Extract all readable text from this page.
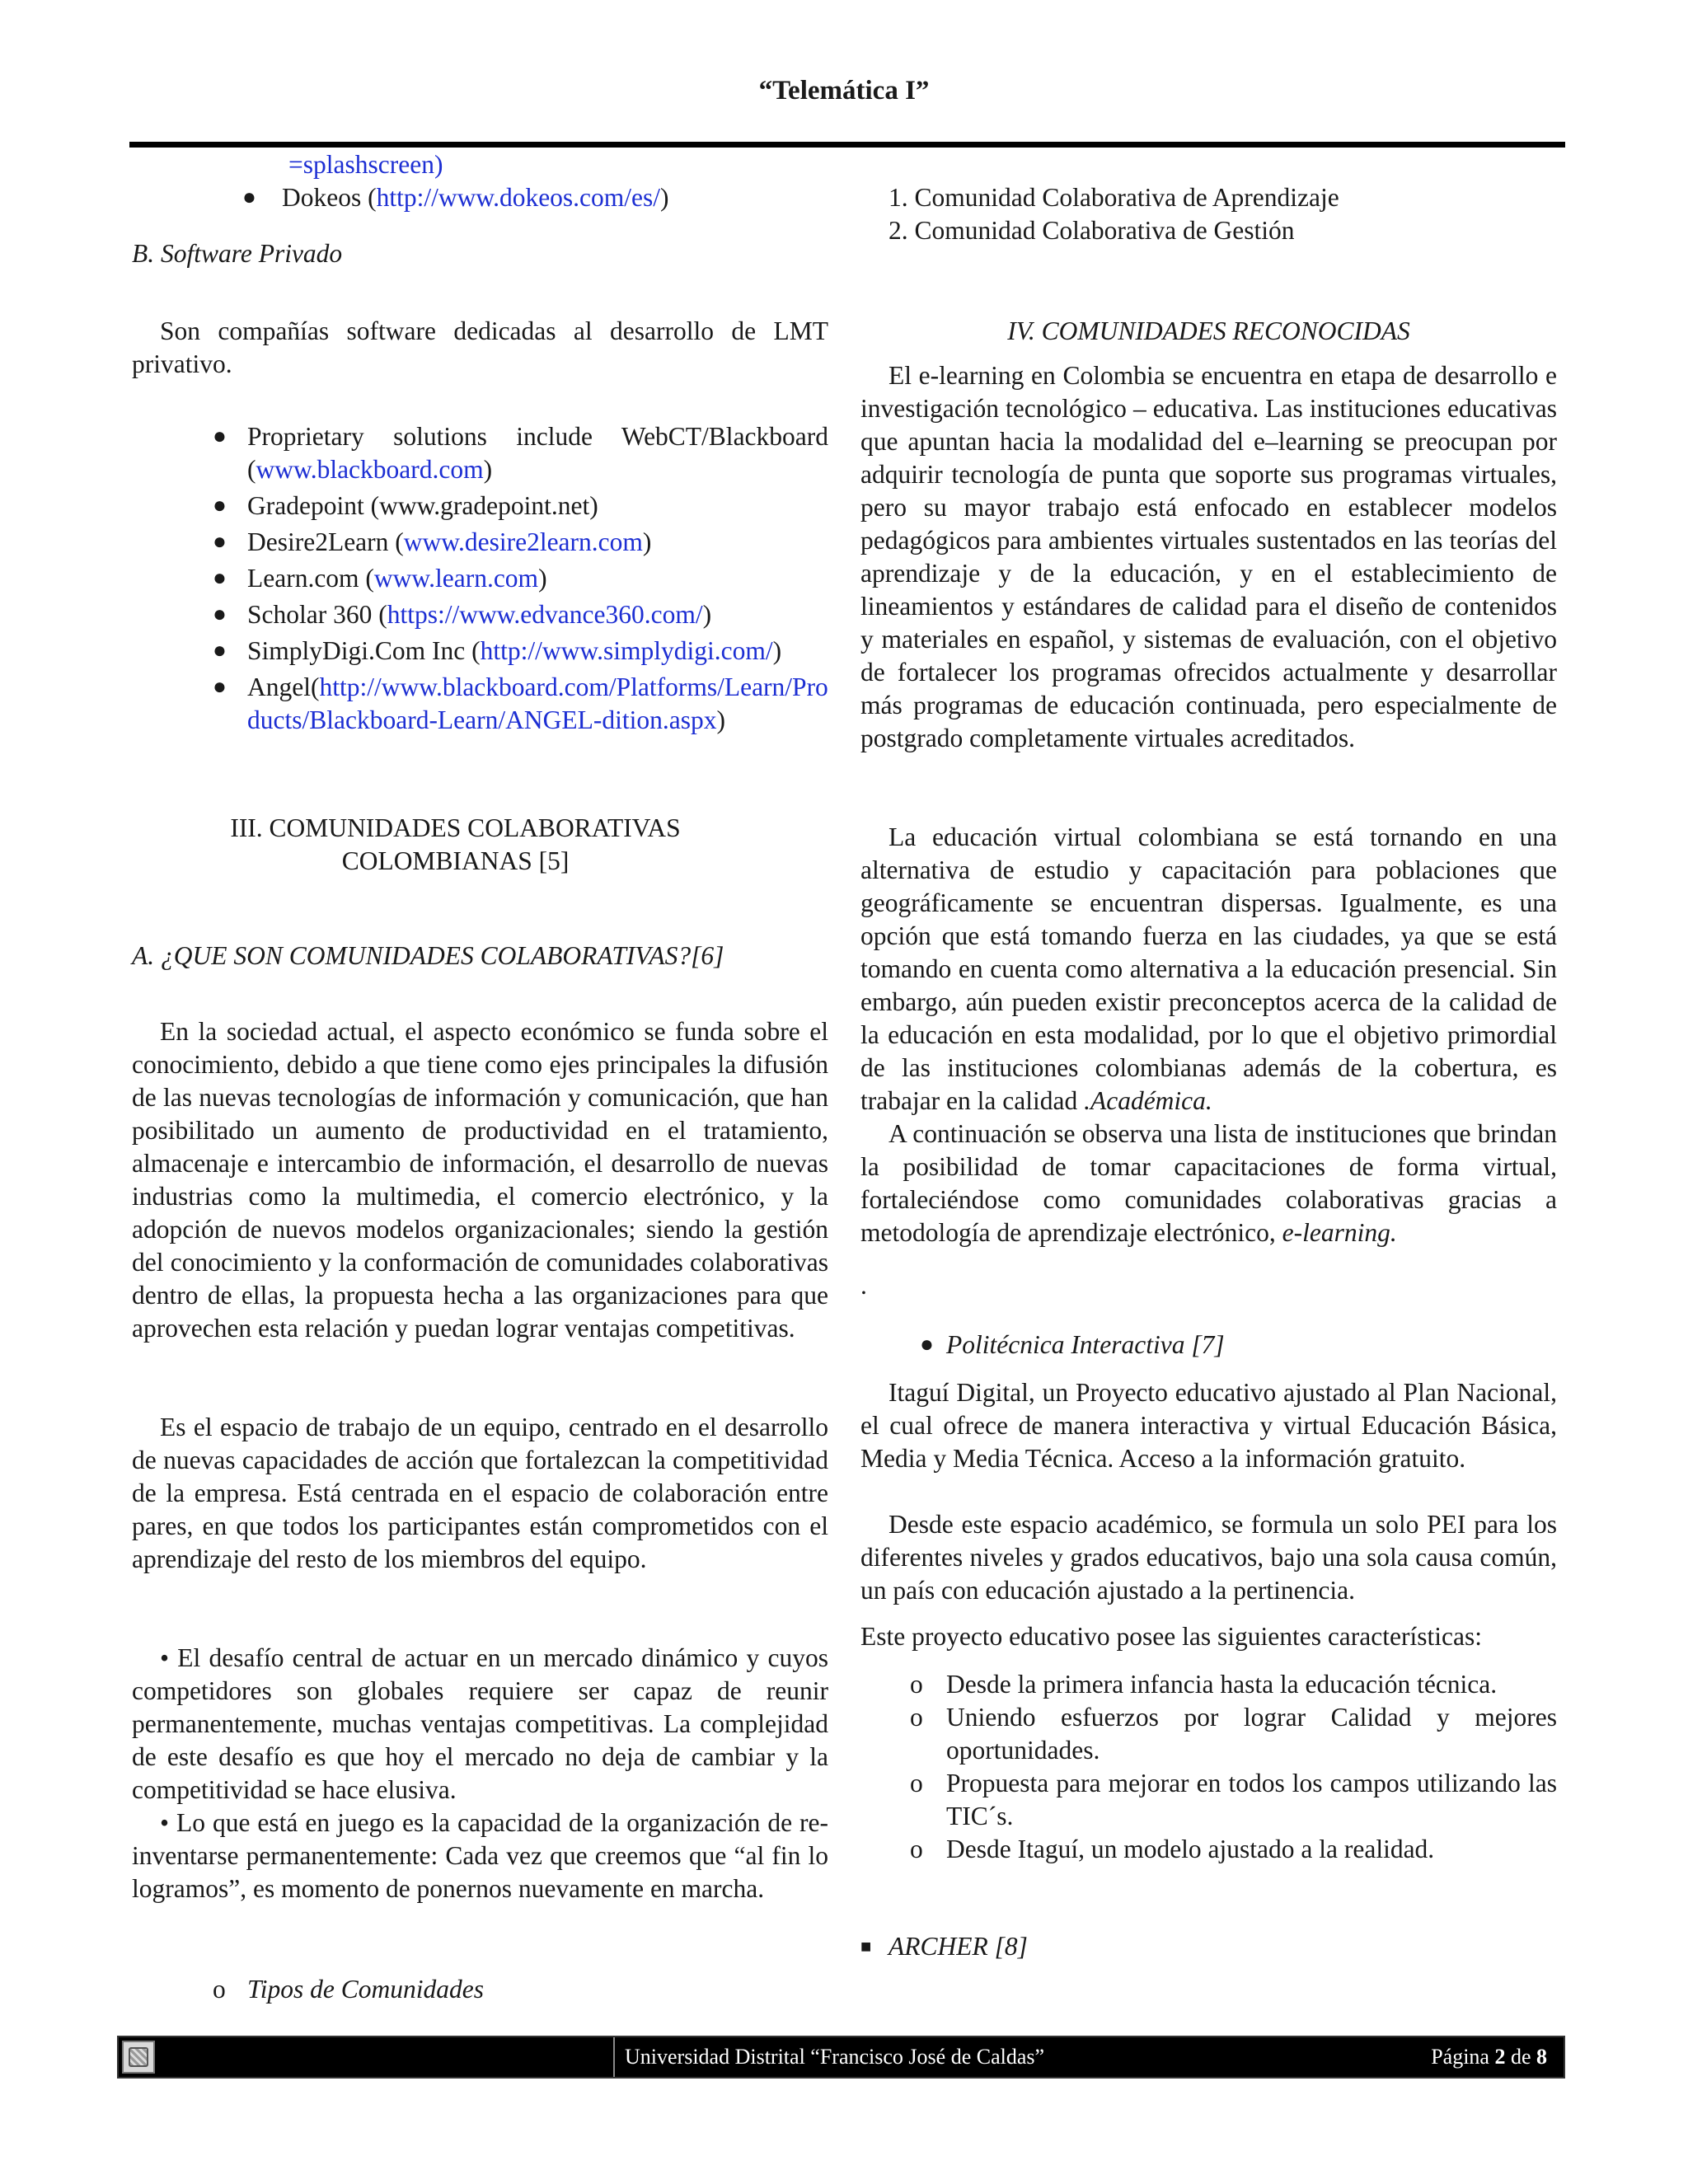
“Telemática I”
=splashscreen)
● Dokeos (http://www.dokeos.com/es/)
B. Software Privado
Son compañías software dedicadas al desarrollo de LMT privativo.
● Proprietary solutions include WebCT/Blackboard (www.blackboard.com)
● Gradepoint (www.gradepoint.net)
● Desire2Learn (www.desire2learn.com)
● Learn.com (www.learn.com)
● Scholar 360 (https://www.edvance360.com/)
● SimplyDigi.Com Inc (http://www.simplydigi.com/)
● Angel(http://www.blackboard.com/Platforms/Learn/Products/Blackboard-Learn/ANGEL-dition.aspx)
III. COMUNIDADES COLABORATIVAS COLOMBIANAS [5]
A. ¿QUE SON COMUNIDADES COLABORATIVAS?[6]
En la sociedad actual, el aspecto económico se funda sobre el conocimiento, debido a que tiene como ejes principales la difusión de las nuevas tecnologías de información y comunicación, que han posibilitado un aumento de productividad en el tratamiento, almacenaje e intercambio de información, el desarrollo de nuevas industrias como la multimedia, el comercio electrónico, y la adopción de nuevos modelos organizacionales; siendo la gestión del conocimiento y la conformación de comunidades colaborativas dentro de ellas, la propuesta hecha a las organizaciones para que aprovechen esta relación y puedan lograr ventajas competitivas.
Es el espacio de trabajo de un equipo, centrado en el desarrollo de nuevas capacidades de acción que fortalezcan la competitividad de la empresa. Está centrada en el espacio de colaboración entre pares, en que todos los participantes están comprometidos con el aprendizaje del resto de los miembros del equipo.
• El desafío central de actuar en un mercado dinámico y cuyos competidores son globales requiere ser capaz de reunir permanentemente, muchas ventajas competitivas. La complejidad de este desafío es que hoy el mercado no deja de cambiar y la competitividad se hace elusiva.
• Lo que está en juego es la capacidad de la organización de re-inventarse permanentemente: Cada vez que creemos que “al fin lo logramos”, es momento de ponernos nuevamente en marcha.
o Tipos de Comunidades
1. Comunidad Colaborativa de Aprendizaje
2. Comunidad Colaborativa de Gestión
IV. COMUNIDADES RECONOCIDAS
El e-learning en Colombia se encuentra en etapa de desarrollo e investigación tecnológico – educativa. Las instituciones educativas que apuntan hacia la modalidad del e–learning se preocupan por adquirir tecnología de punta que soporte sus programas virtuales, pero su mayor trabajo está enfocado en establecer modelos pedagógicos para ambientes virtuales sustentados en las teorías del aprendizaje y de la educación, y en el establecimiento de lineamientos y estándares de calidad para el diseño de contenidos y materiales en español, y sistemas de evaluación, con el objetivo de fortalecer los programas ofrecidos actualmente y desarrollar más programas de educación continuada, pero especialmente de postgrado completamente virtuales acreditados.
La educación virtual colombiana se está tornando en una alternativa de estudio y capacitación para poblaciones que geográficamente se encuentran dispersas. Igualmente, es una opción que está tomando fuerza en las ciudades, ya que se está tomando en cuenta como alternativa a la educación presencial. Sin embargo, aún pueden existir preconceptos acerca de la calidad de la educación en esta modalidad, por lo que el objetivo primordial de las instituciones colombianas además de la cobertura, es trabajar en la calidad .Académica.
A continuación se observa una lista de instituciones que brindan la posibilidad de tomar capacitaciones de forma virtual, fortaleciéndose como comunidades colaborativas gracias a metodología de aprendizaje electrónico, e-learning.
.
● Politécnica Interactiva [7]
Itaguí Digital, un Proyecto educativo ajustado al Plan Nacional, el cual ofrece de manera interactiva y virtual Educación Básica, Media y Media Técnica. Acceso a la información gratuito.
Desde este espacio académico, se formula un solo PEI para los diferentes niveles y grados educativos, bajo una sola causa común, un país con educación ajustado a la pertinencia.
Este proyecto educativo posee las siguientes características:
o Desde la primera infancia hasta la educación técnica.
o Uniendo esfuerzos por lograr Calidad y mejores oportunidades.
o Propuesta para mejorar en todos los campos utilizando las TIC´s.
o Desde Itaguí, un modelo ajustado a la realidad.
■ ARCHER [8]
Universidad Distrital “Francisco José de Caldas”	Página 2 de 8
